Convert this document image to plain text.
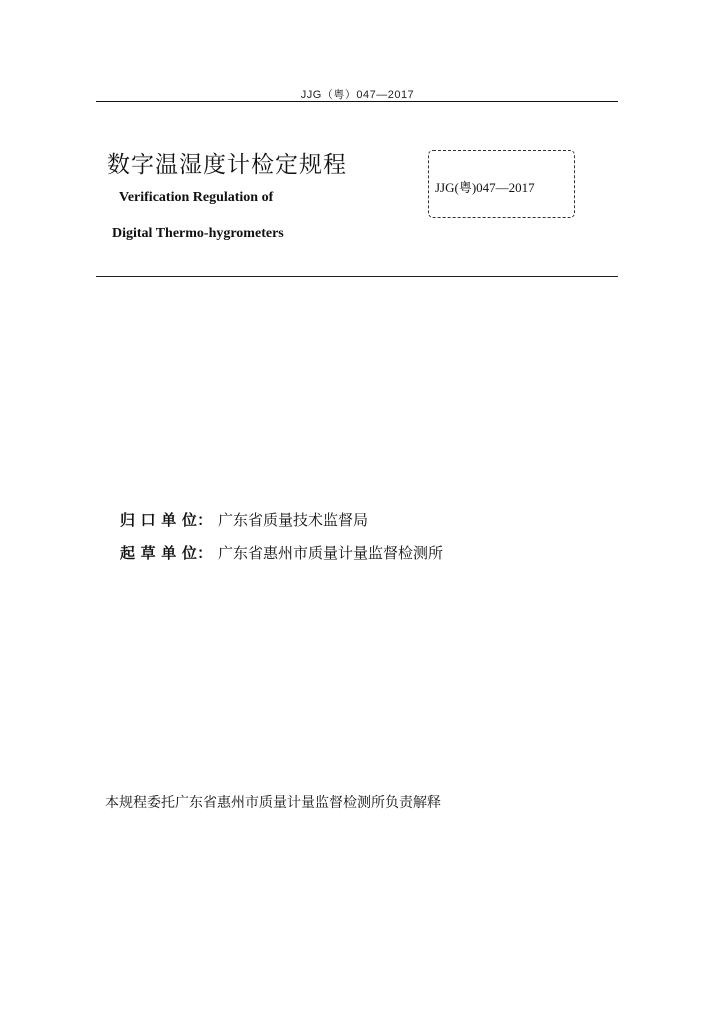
JJG（粤）047—2017
数字温湿度计检定规程
Verification Regulation of
Digital Thermo-hygrometers
JJG(粤)047—2017
归 口 单 位： 广东省质量技术监督局
起 草 单 位： 广东省惠州市质量计量监督检测所
本规程委托广东省惠州市质量计量监督检测所负责解释
